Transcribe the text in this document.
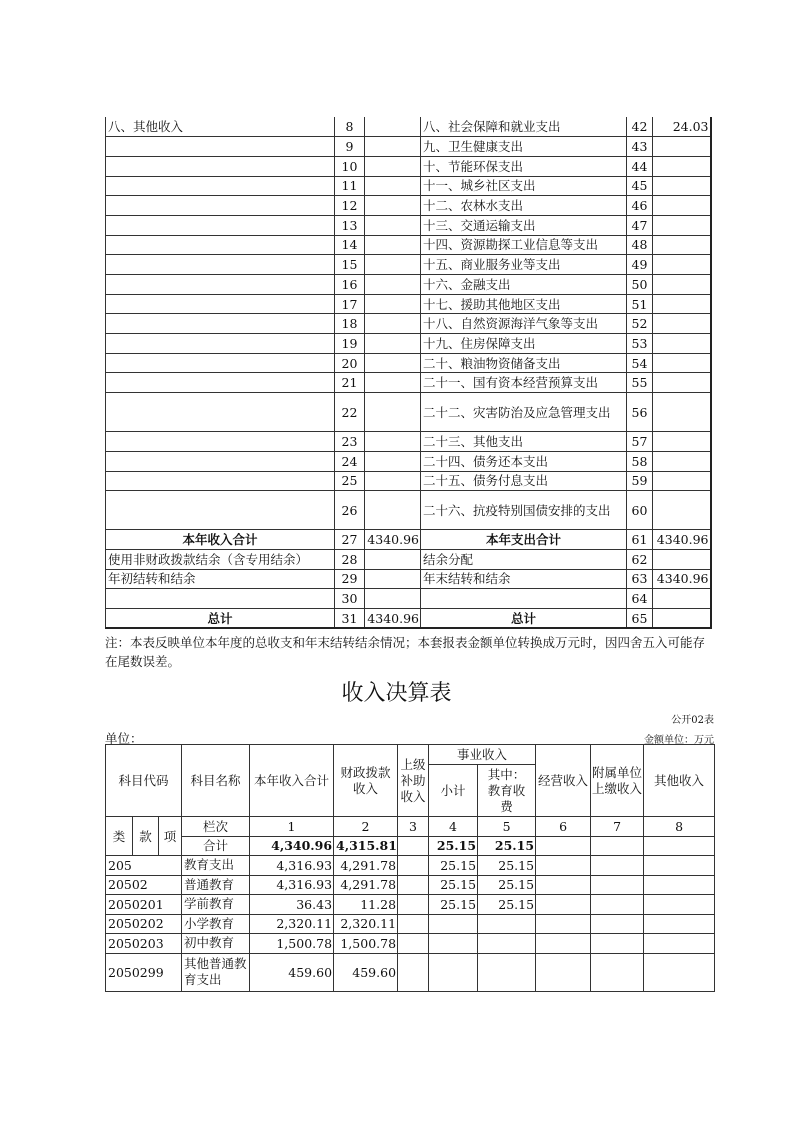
八、其他收入	8		八、社会保障和就业支出	42	24.03
	9		九、卫生健康支出	43	
	10		十、节能环保支出	44	
	11		十一、城乡社区支出	45	
	12		十二、农林水支出	46	
	13		十三、交通运输支出	47	
	14		十四、资源勘探工业信息等支出	48	
	15		十五、商业服务业等支出	49	
	16		十六、金融支出	50	
	17		十七、援助其他地区支出	51	
	18		十八、自然资源海洋气象等支出	52	
	19		十九、住房保障支出	53	
	20		二十、粮油物资储备支出	54	
	21		二十一、国有资本经营预算支出	55	
	22		二十二、灾害防治及应急管理支出	56	
	23		二十三、其他支出	57	
	24		二十四、债务还本支出	58	
	25		二十五、债务付息支出	59	
	26		二十六、抗疫特别国债安排的支出	60	
本年收入合计	27	4340.96	本年支出合计	61	4340.96
使用非财政拨款结余（含专用结余）	28		结余分配	62	
年初结转和结余	29		年末结转和结余	63	4340.96
	30			64	
总计	31	4340.96	总计	65	
注：本表反映单位本年度的总收支和年末结转结余情况；本套报表金额单位转换成万元时，因四舍五入可能存在尾数误差。
收入决算表
公开02表
单位：	金额单位：万元
科目代码			科目名称	本年收入合计	财政拨款收入	上级补助收入	事业收入		经营收入	附属单位上缴收入	其他收入
							小计	其中：教育收费			
类	款	项	栏次	1	2	3	4	5	6	7	8
			合计	4,340.96	4,315.81		25.15	25.15			
205			教育支出	4,316.93	4,291.78		25.15	25.15			
20502			普通教育	4,316.93	4,291.78		25.15	25.15			
2050201			学前教育	36.43	11.28		25.15	25.15			
2050202			小学教育	2,320.11	2,320.11						
2050203			初中教育	1,500.78	1,500.78						
2050299			其他普通教育支出	459.60	459.60						
